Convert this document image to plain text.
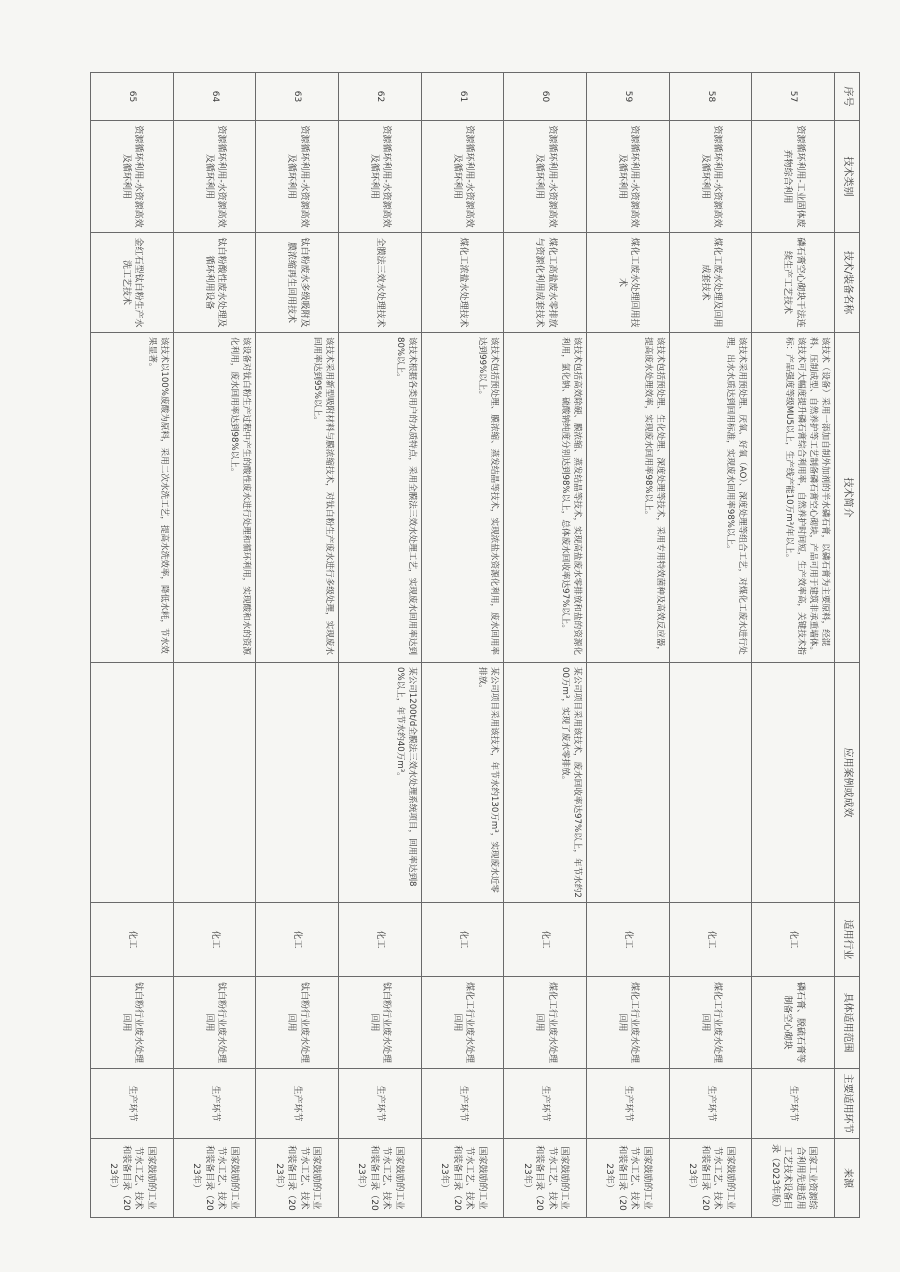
序号	技术类别	技术/装备名称	技术简介	应用案例或成效	适用行业	具体适用范围	主要适用环节	来源
57	资源循环利用-工业固体废弃物综合利用	磷石膏空心砌块干法连续生产工艺技术	该技术（设备）采用一添加自制外加剂的半水磷石膏，以磷石膏为主要原料，经混料、压制成型、自然养护等工艺制备磷石膏空心砌块，产品可用于建筑非承重墙体。该技术可大幅度提升磷石膏综合利用率，自然养护时间短，生产效率高，关键技术指标：产品强度等级MU5以上，生产线产能10万m³/年以上。		化工	磷石膏、脱硫石膏等制备空心砌块	生产环节	国家工业资源综合利用先进适用工艺技术设备目录（2023年版）
58	资源循环利用-水资源高效及循环利用	煤化工废水处理及回用成套技术	该技术采用预处理、厌氧、好氧（AO）、深度处理等组合工艺，对煤化工废水进行处理，出水水质达到回用标准，实现废水回用率98%以上。		化工	煤化工行业废水处理回用	生产环节	国家鼓励的工业节水工艺、技术和装备目录（2023年）
59	资源循环利用-水资源高效及循环利用	煤化工废水处理回用技术	该技术包括预处理、生化处理、深度处理等技术，采用专用特效菌种及高效反应器，提高废水处理效率，实现废水回用率98%以上。		化工	煤化工行业废水处理回用	生产环节	国家鼓励的工业节水工艺、技术和装备目录（2023年）
60	资源循环利用-水资源高效及循环利用	煤化工高盐废水零排放与资源化利用成套技术	该技术包括高效除硬、膜浓缩、蒸发结晶等技术，实现高盐废水零排放和盐的资源化利用，氯化钠、硫酸钠纯度分别达到98%以上，总体废水回收率达97%以上。	某公司项目采用该技术，废水回收率达97%以上，年节水约200万m³，实现了废水零排放。	化工	煤化工行业废水处理回用	生产环节	国家鼓励的工业节水工艺、技术和装备目录（2023年）
61	资源循环利用-水资源高效及循环利用	煤化工浓盐水处理技术	该技术包括预处理、膜浓缩、蒸发结晶等技术，实现浓盐水资源化利用，废水回用率达到99%以上。	某公司项目采用该技术，年节水约130万m³，实现废水近零排放。	化工	煤化工行业废水处理回用	生产环节	国家鼓励的工业节水工艺、技术和装备目录（2023年）
62	资源循环利用-水资源高效及循环利用	全膜法三效水处理技术	该技术根据各类用户的水质特点，采用全膜法三效水处理工艺，实现废水回用率达到80%以上。	某公司1200t/d全膜法三效水处理系统项目，回用率达到80%以上，年节水约40万m³。	化工	钛白粉行业废水处理回用	生产环节	国家鼓励的工业节水工艺、技术和装备目录（2023年）
63	资源循环利用-水资源高效及循环利用	钛白粉废水多级吸附及膜浓缩再生回用技术	该技术采用新型吸附材料与膜浓缩技术，对钛白粉生产废水进行多级处理，实现废水回用率达到95%以上。		化工	钛白粉行业废水处理回用	生产环节	国家鼓励的工业节水工艺、技术和装备目录（2023年）
64	资源循环利用-水资源高效及循环利用	钛白粉酸性废水处理及循环利用设备	该设备对钛白粉生产过程中产生的酸性废水进行处理和循环利用，实现酸和水的资源化利用，废水回用率达到98%以上。		化工	钛白粉行业废水处理回用	生产环节	国家鼓励的工业节水工艺、技术和装备目录（2023年）
65	资源循环利用-水资源高效及循环利用	金红石型钛白粉生产水洗工艺技术	该技术以100%废酸为原料，采用二次水洗工艺，提高水洗效率，降低水耗，节水效果显著。		化工	钛白粉行业废水处理回用	生产环节	国家鼓励的工业节水工艺、技术和装备目录（2023年）
